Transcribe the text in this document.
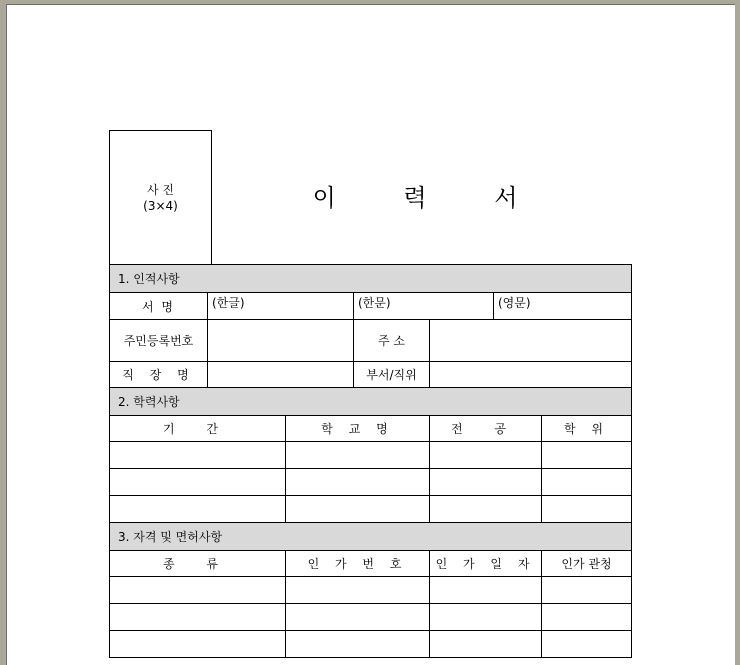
사 진
(3×4)	이 력 서
1. 인적사항						
서 명	(한글)		(한문)		(영문)	
주민등록번호			주 소			
직 장 명			부서/직위			
2. 학력사항						
기 간		학 교 명		전 공		학 위

3. 자격 및 면허사항						
종 류		인 가 번 호		인 가 일 자		인가 관청
